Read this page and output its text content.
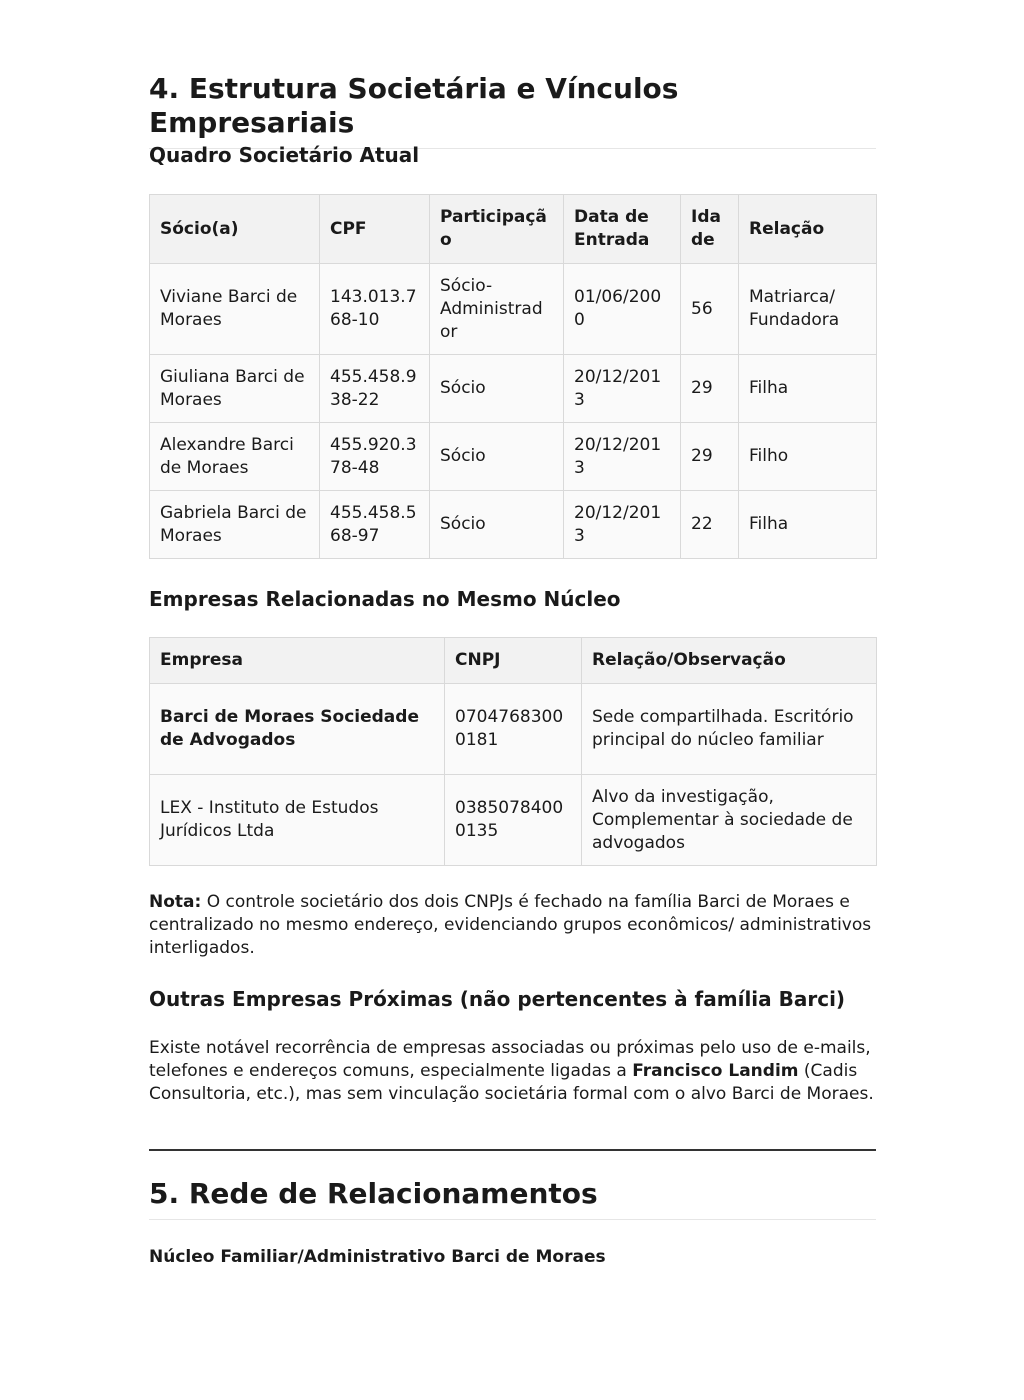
4. Estrutura Societária e Vínculos Empresariais
Quadro Societário Atual
Sócio(a)	CPF	Participação	Data de Entrada	Idade	Relação
Viviane Barci de Moraes	143.013.768-10	Sócio-Administrador	01/06/2000	56	Matriarca/ Fundadora
Giuliana Barci de Moraes	455.458.938-22	Sócio	20/12/2013	29	Filha
Alexandre Barci de Moraes	455.920.378-48	Sócio	20/12/2013	29	Filho
Gabriela Barci de Moraes	455.458.568-97	Sócio	20/12/2013	22	Filha
Empresas Relacionadas no Mesmo Núcleo
Empresa	CNPJ	Relação/Observação
Barci de Moraes Sociedade de Advogados	07047683000181	Sede compartilhada. Escritório principal do núcleo familiar
LEX - Instituto de Estudos Jurídicos Ltda	03850784000135	Alvo da investigação, Complementar à sociedade de advogados

Nota: O controle societário dos dois CNPJs é fechado na família Barci de Moraes e centralizado no mesmo endereço, evidenciando grupos econômicos/ administrativos interligados.

Outras Empresas Próximas (não pertencentes à família Barci)

Existe notável recorrência de empresas associadas ou próximas pelo uso de e-mails, telefones e endereços comuns, especialmente ligadas a Francisco Landim (Cadis Consultoria, etc.), mas sem vinculação societária formal com o alvo Barci de Moraes.

5. Rede de Relacionamentos
Núcleo Familiar/Administrativo Barci de Moraes
